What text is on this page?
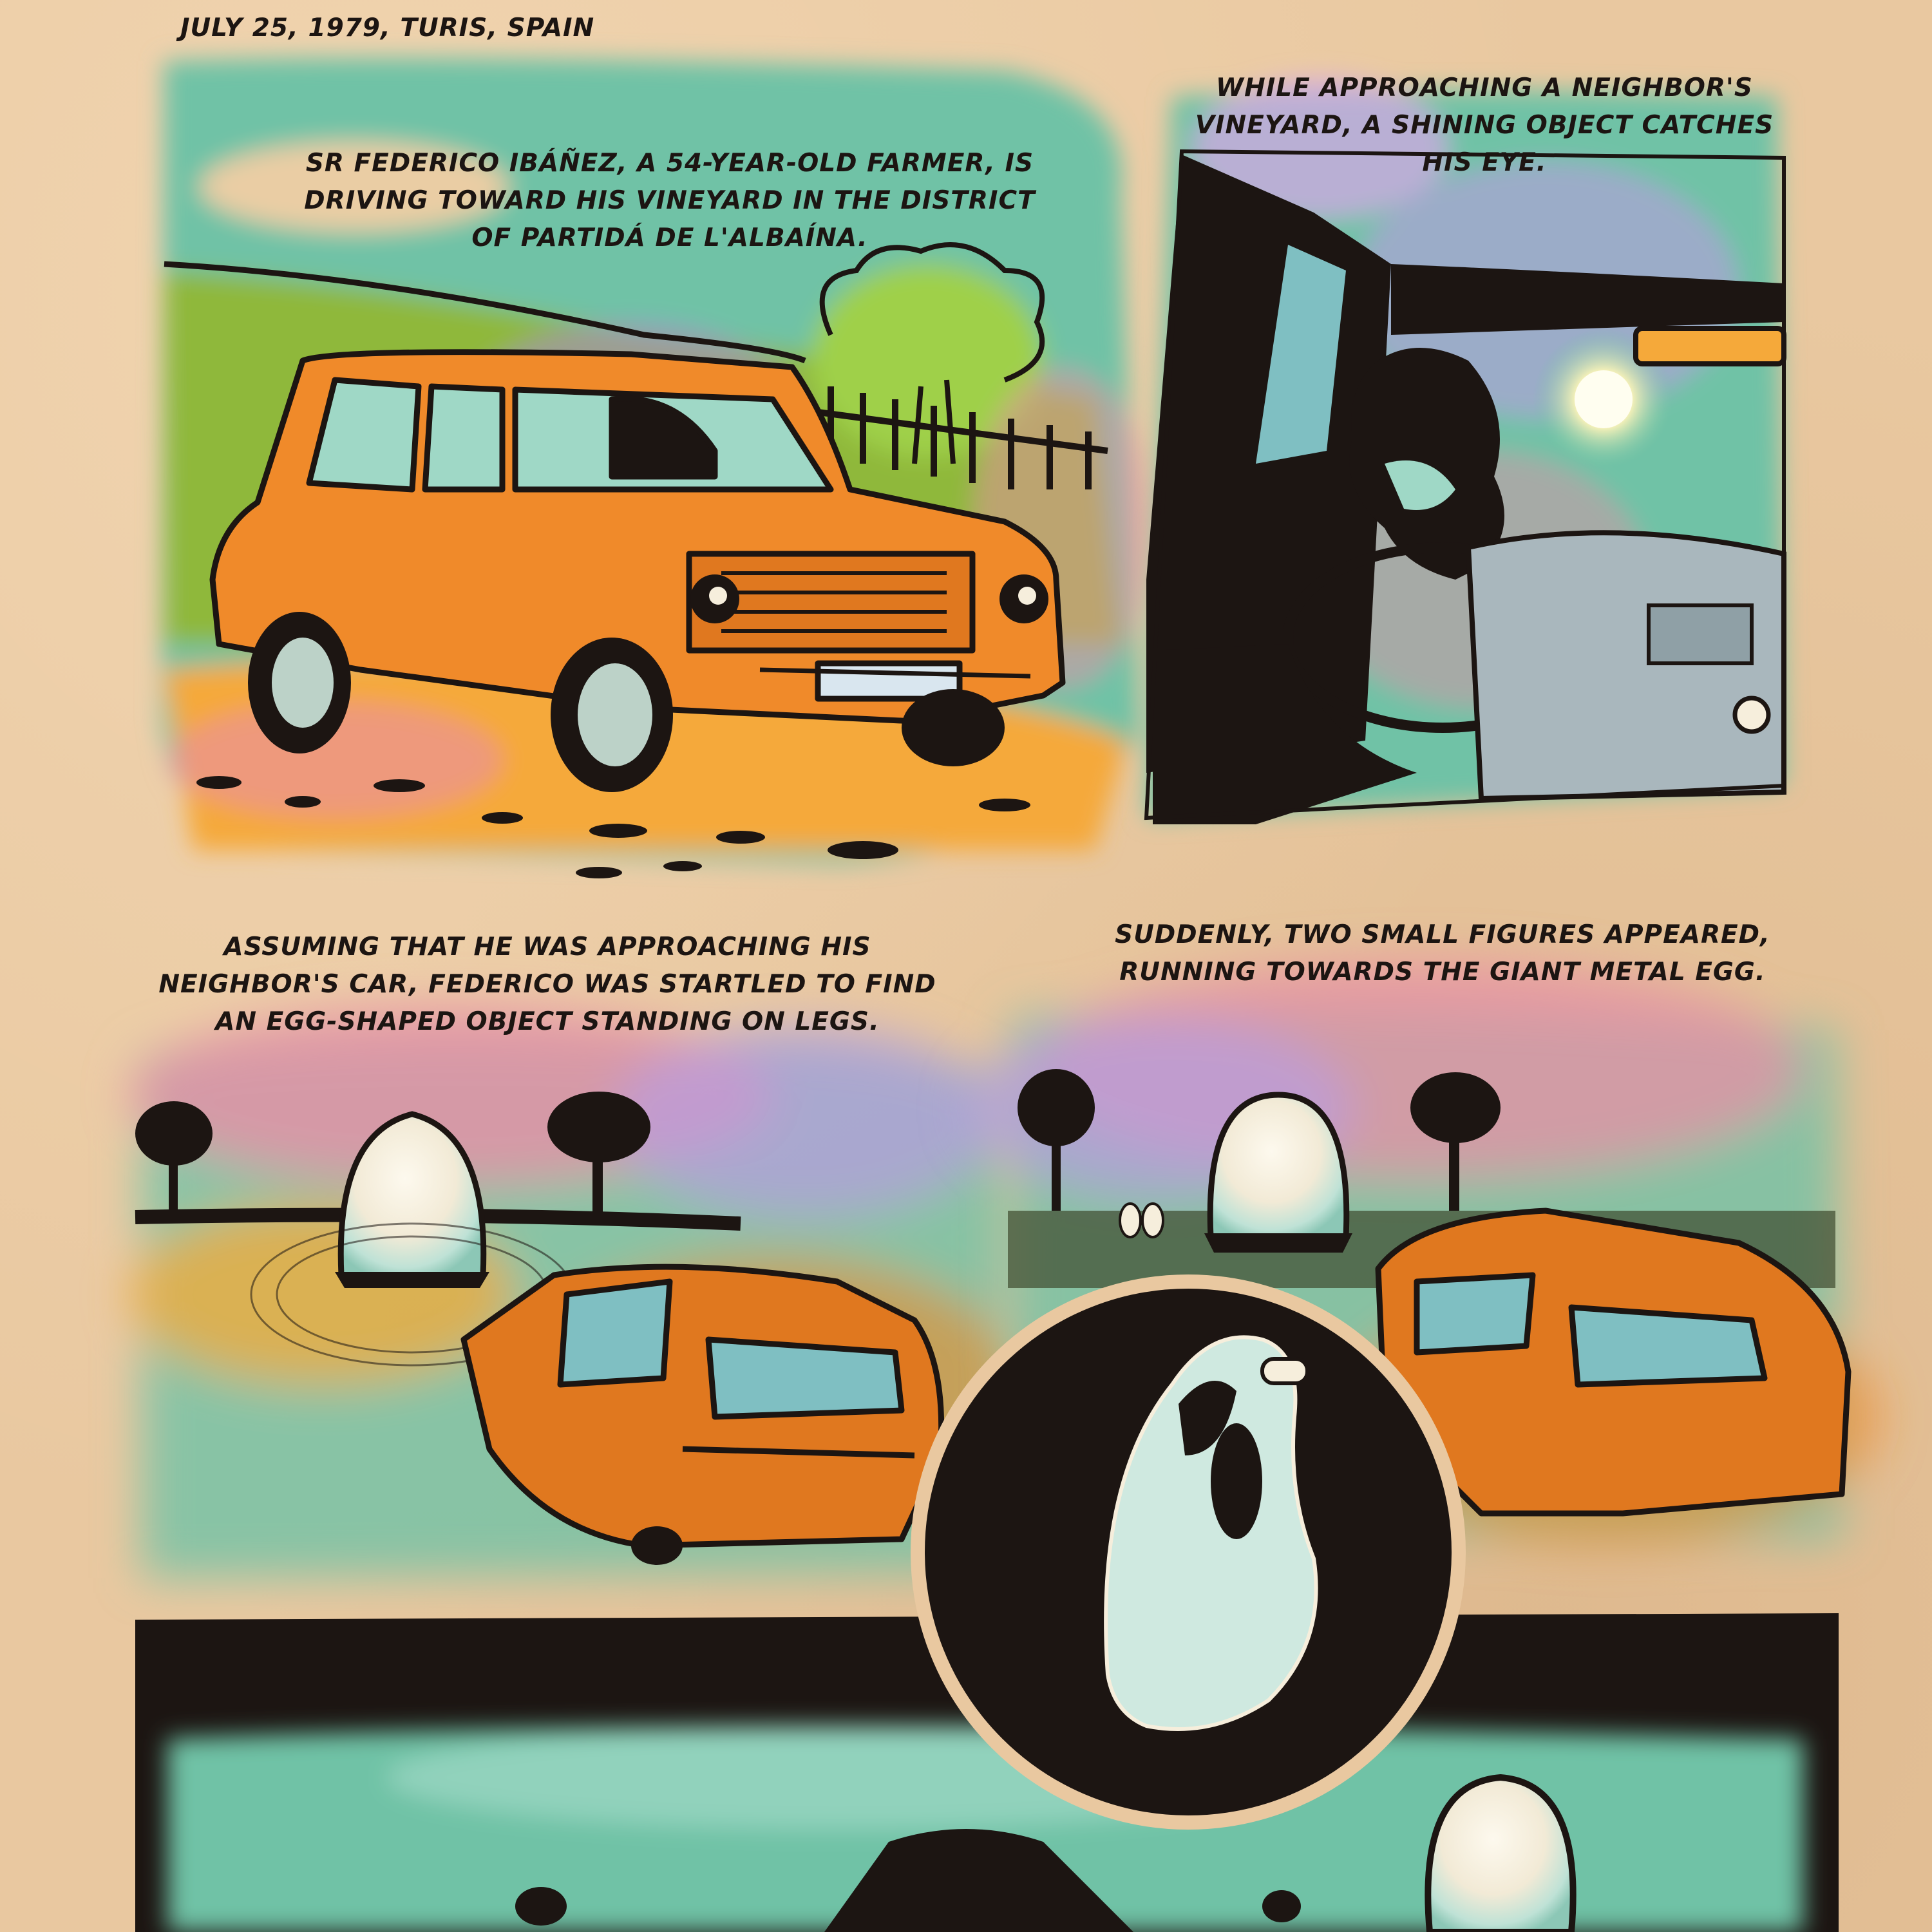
JULY 25, 1979, TURIS, SPAIN

SR FEDERICO IBÁÑEZ, A 54-YEAR-OLD FARMER, IS DRIVING TOWARD HIS VINEYARD IN THE DISTRICT OF PARTIDÁ DE L'ALBAÍNA.

WHILE APPROACHING A NEIGHBOR'S VINEYARD, A SHINING OBJECT CATCHES HIS EYE.

ASSUMING THAT HE WAS APPROACHING HIS NEIGHBOR'S CAR, FEDERICO WAS STARTLED TO FIND AN EGG-SHAPED OBJECT STANDING ON LEGS.

SUDDENLY, TWO SMALL FIGURES APPEARED, RUNNING TOWARDS THE GIANT METAL EGG.
